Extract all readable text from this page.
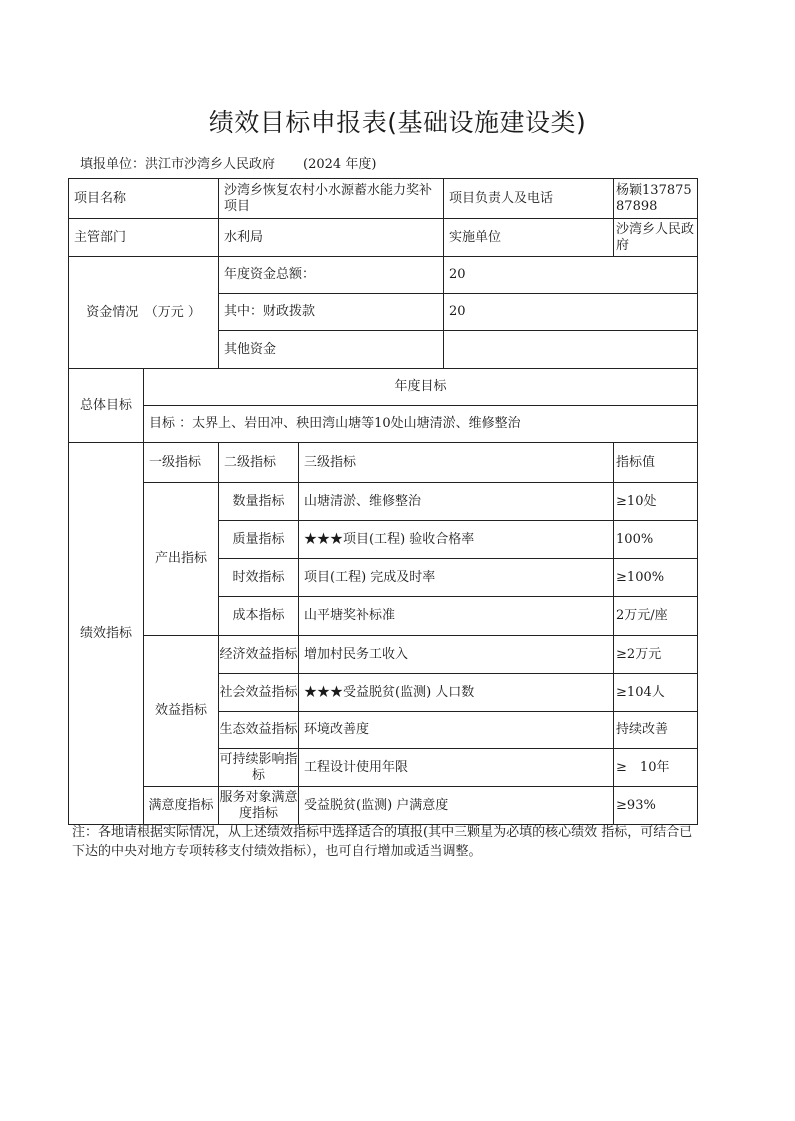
绩效目标申报表(基础设施建设类)
填报单位：洪江市沙湾乡人民政府 (2024 年度)
项目名称		沙湾乡恢复农村小水源蓄水能力奖补项目		项目负责人及电话	杨颖13787587898
主管部门		水利局		实施单位	沙湾乡人民政府
资金情况　（万元 ）		年度资金总额：		20	
		其中：财政拨款		20	
		其他资金			
总体目标	年度目标				
	目标 ：太界上、岩田冲、秧田湾山塘等10处山塘清淤、维修整治				
绩效指标	一级指标	二级指标	三级指标		指标值
	产出指标	数量指标	山塘清淤、维修整治		≥10处
		质量指标	★★★项目(工程) 验收合格率		100%
		时效指标	项目(工程) 完成及时率		≥100%
		成本指标	山平塘奖补标准		2万元/座
	效益指标	经济效益指标	增加村民务工收入		≥2万元
		社会效益指标	★★★受益脱贫(监测) 人口数		≥104人
		生态效益指标	环境改善度		持续改善
		可持续影响指标	工程设计使用年限		≥　10年
	满意度指标	服务对象满意度指标	受益脱贫(监测) 户满意度		≥93%
注：各地请根据实际情况，从上述绩效指标中选择适合的填报(其中三颗星为必填的核心绩效 指标，可结合已下达的中央对地方专项转移支付绩效指标），也可自行增加或适当调整。
